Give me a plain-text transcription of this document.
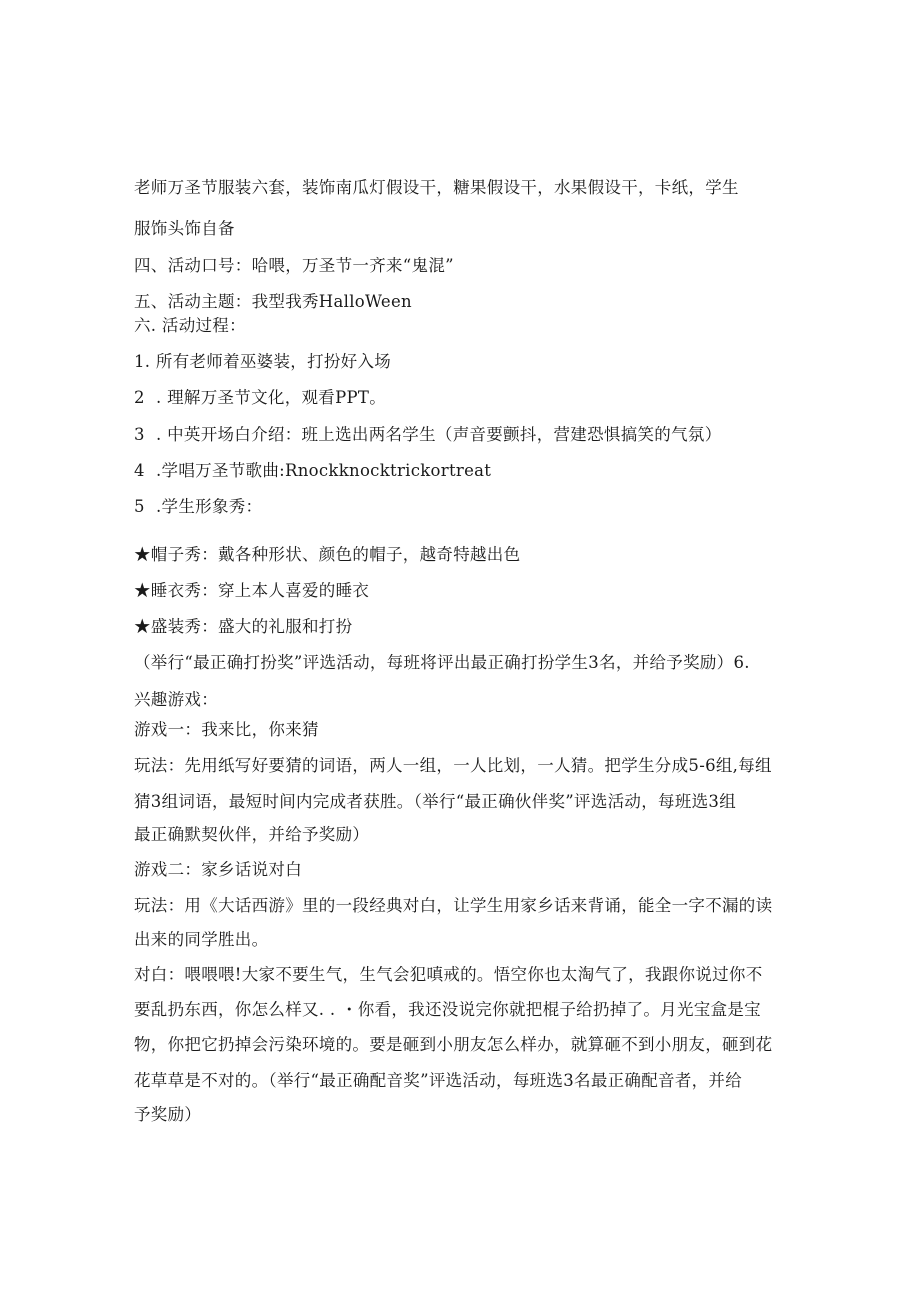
老师万圣节服装六套，装饰南瓜灯假设干，糖果假设干，水果假设干，卡纸，学生
服饰头饰自备
四、活动口号：哈喂，万圣节一齐来“鬼混”
五、活动主题：我型我秀HalloWeen
六. 活动过程：
1. 所有老师着巫婆装，打扮好入场
2 . 理解万圣节文化，观看PPT。
3 . 中英开场白介绍：班上选出两名学生（声音要颤抖，营建恐惧搞笑的气氛）
4 .学唱万圣节歌曲:Rnockknocktrickortreat
5 .学生形象秀：
★帽子秀：戴各种形状、颜色的帽子，越奇特越出色
★睡衣秀：穿上本人喜爱的睡衣
★盛装秀：盛大的礼服和打扮
（举行“最正确打扮奖”评选活动，每班将评出最正确打扮学生3名，并给予奖励）6.
兴趣游戏：
游戏一：我来比，你来猜
玩法：先用纸写好要猜的词语，两人一组，一人比划，一人猜。把学生分成5-6组,每组
猜3组词语，最短时间内完成者获胜。（举行“最正确伙伴奖”评选活动，每班选3组
最正确默契伙伴，并给予奖励）
游戏二：家乡话说对白
玩法：用《大话西游》里的一段经典对白，让学生用家乡话来背诵，能全一字不漏的读
出来的同学胜出。
对白：喂喂喂!大家不要生气，生气会犯嗔戒的。悟空你也太淘气了，我跟你说过你不
要乱扔东西，你怎么样又. . ・你看，我还没说完你就把棍子给扔掉了。月光宝盒是宝
物，你把它扔掉会污染环境的。要是砸到小朋友怎么样办，就算砸不到小朋友，砸到花
花草草是不对的。（举行“最正确配音奖”评选活动，每班选3名最正确配音者，并给
予奖励）
